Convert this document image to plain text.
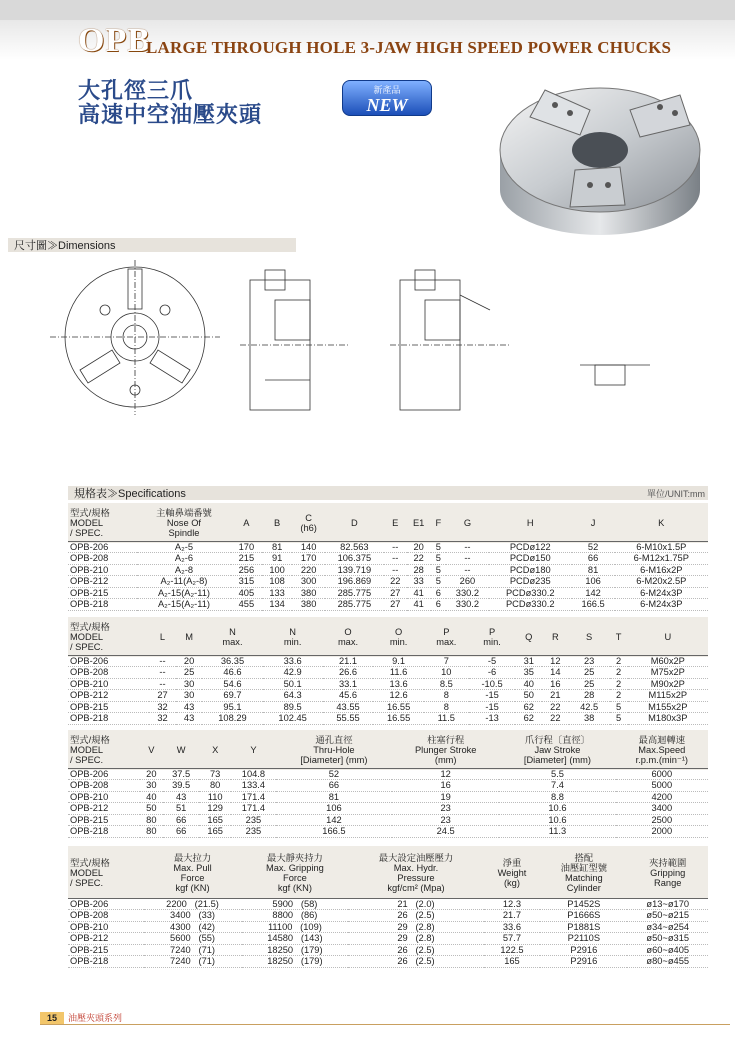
OPB
LARGE THROUGH HOLE 3-JAW HIGH SPEED POWER CHUCKS
大孔徑三爪
高速中空油壓夾頭
新產品
NEW
尺寸圖≫Dimensions
規格表≫Specifications	單位/UNIT:mm
型式/規格
MODEL
/ SPEC.	主軸鼻端番號
Nose Of
Spindle	A	B	C
(h6)	D	E	E1	F	G	H	J	K
OPB-206	A₂-5	170	81	140	82.563	--	20	5	--	PCDø122	52	6-M10x1.5P
OPB-208	A₂-6	215	91	170	106.375	--	22	5	--	PCDø150	66	6-M12x1.75P
OPB-210	A₂-8	256	100	220	139.719	--	28	5	--	PCDø180	81	6-M16x2P
OPB-212	A₂-11(A₂-8)	315	108	300	196.869	22	33	5	260	PCDø235	106	6-M20x2.5P
OPB-215	A₂-15(A₂-11)	405	133	380	285.775	27	41	6	330.2	PCDø330.2	142	6-M24x3P
OPB-218	A₂-15(A₂-11)	455	134	380	285.775	27	41	6	330.2	PCDø330.2	166.5	6-M24x3P
型式/規格
MODEL
/ SPEC.	L	M	N
max.	N
min.	O
max.	O
min.	P
max.	P
min.	Q	R	S	T	U
OPB-206	--	20	36.35	33.6	21.1	9.1	7	-5	31	12	23	2	M60x2P
OPB-208	--	25	46.6	42.9	26.6	11.6	10	-6	35	14	25	2	M75x2P
OPB-210	--	30	54.6	50.1	33.1	13.6	8.5	-10.5	40	16	25	2	M90x2P
OPB-212	27	30	69.7	64.3	45.6	12.6	8	-15	50	21	28	2	M115x2P
OPB-215	32	43	95.1	89.5	43.55	16.55	8	-15	62	22	42.5	5	M155x2P
OPB-218	32	43	108.29	102.45	55.55	16.55	11.5	-13	62	22	38	5	M180x3P
型式/規格
MODEL
/ SPEC.	V	W	X	Y	通孔直徑
Thru-Hole
[Diameter] (mm)	柱塞行程
Plunger Stroke
(mm)	爪行程〔直徑〕
Jaw Stroke
[Diameter] (mm)	最高迴轉速
Max.Speed
r.p.m.(min⁻¹)
OPB-206	20	37.5	73	104.8	52	12	5.5	6000
OPB-208	30	39.5	80	133.4	66	16	7.4	5000
OPB-210	40	43	110	171.4	81	19	8.8	4200
OPB-212	50	51	129	171.4	106	23	10.6	3400
OPB-215	80	66	165	235	142	23	10.6	2500
OPB-218	80	66	165	235	166.5	24.5	11.3	2000
型式/規格
MODEL
/ SPEC.	最大拉力
Max. Pull
Force
kgf (KN)	最大靜夾持力
Max. Gripping
Force
kgf (KN)	最大設定油壓壓力
Max. Hydr.
Pressure
kgf/cm² (Mpa)	淨重
Weight
(kg)	搭配
油壓缸型號
Matching
Cylinder	夾持範圍
Gripping
Range
OPB-206	2200   (21.5)	5900   (58)	21   (2.0)	12.3	P1452S	ø13~ø170
OPB-208	3400   (33)	8800   (86)	26   (2.5)	21.7	P1666S	ø50~ø215
OPB-210	4300   (42)	11100   (109)	29   (2.8)	33.6	P1881S	ø34~ø254
OPB-212	5600   (55)	14580   (143)	29   (2.8)	57.7	P2110S	ø50~ø315
OPB-215	7240   (71)	18250   (179)	26   (2.5)	122.5	P2916	ø60~ø405
OPB-218	7240   (71)	18250   (179)	26   (2.5)	165	P2916	ø80~ø455
15	油壓夾頭系列
